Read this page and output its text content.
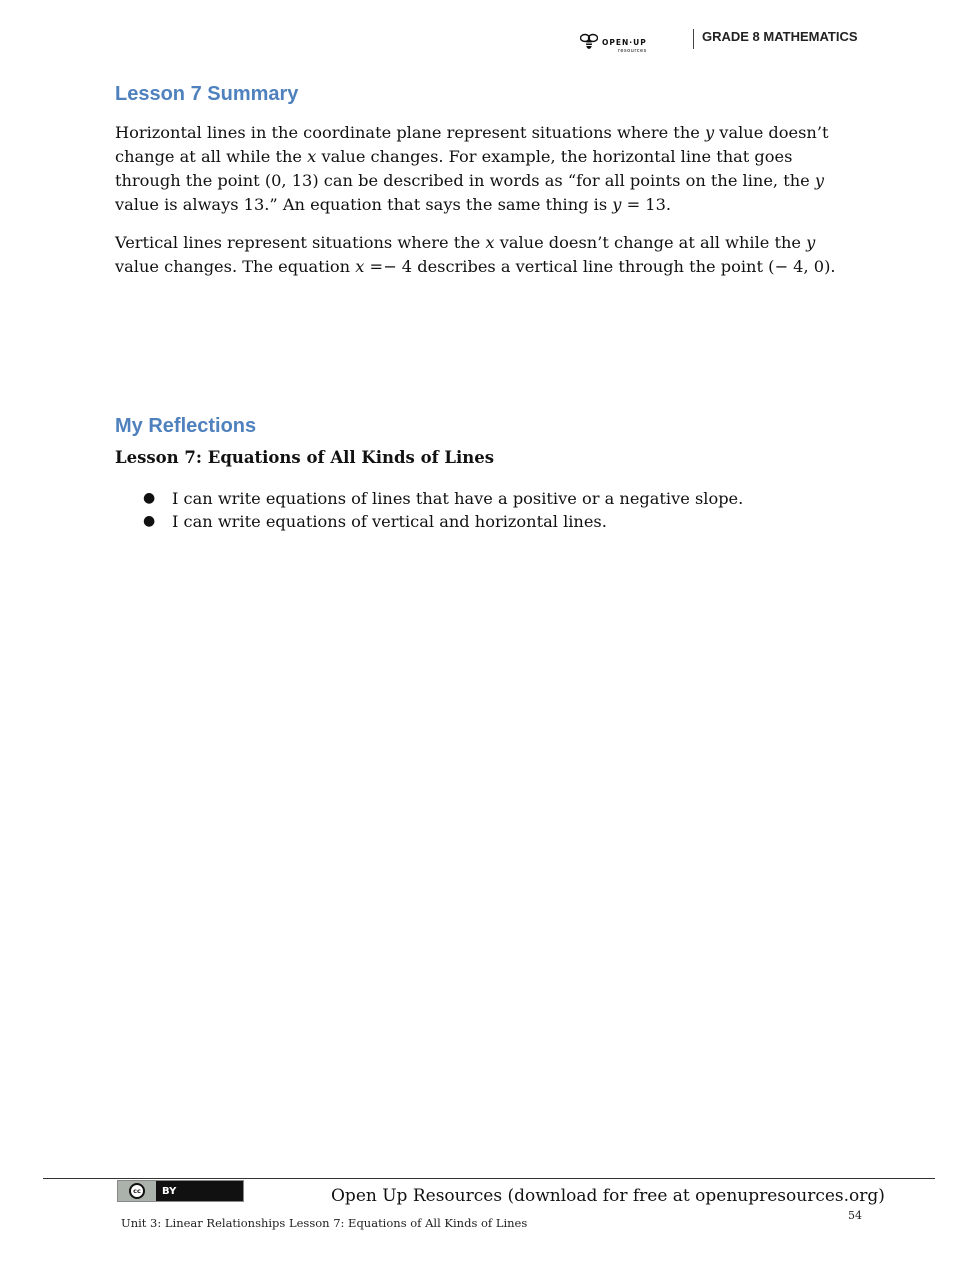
OPEN·UP
resources
GRADE 8 MATHEMATICS
Lesson 7 Summary

Horizontal lines in the coordinate plane represent situations where the y value doesn’t change at all while the x value changes. For example, the horizontal line that goes through the point (0, 13) can be described in words as “for all points on the line, the y value is always 13.” An equation that says the same thing is y = 13.

Vertical lines represent situations where the x value doesn’t change at all while the y value changes. The equation x =− 4 describes a vertical line through the point (− 4, 0).

My Reflections

Lesson 7: Equations of All Kinds of Lines

●	I can write equations of lines that have a positive or a negative slope.
●	I can write equations of vertical and horizontal lines.
cc	BY	Open Up Resources (download for free at openupresources.org)

Unit 3: Linear Relationships Lesson 7: Equations of All Kinds of Lines

54
